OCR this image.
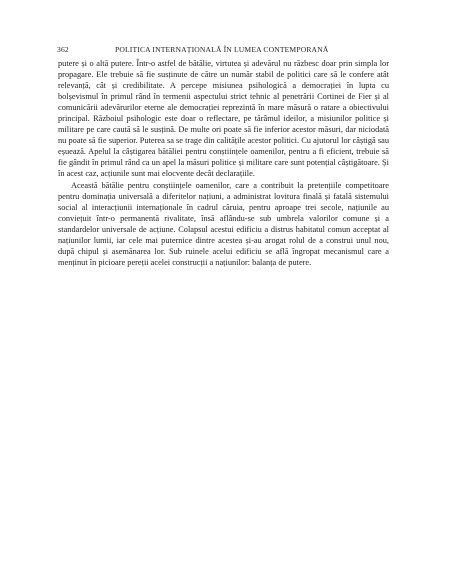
362	POLITICA INTERNAȚIONALĂ ÎN LUMEA CONTEMPORANĂ

putere și o altă putere. Într-o astfel de bătălie, virtutea și adevărul nu răzbesc doar prin simpla lor propagare. Ele trebuie să fie susținute de către un număr stabil de politici care să le confere atât relevanță, cât și credibilitate. A percepe misiunea psihologică a democrației în lupta cu bolșevismul în primul rând în termenii aspectului strict tehnic al penetrării Cortinei de Fier și al comunicării adevărurilor eterne ale democrației reprezintă în mare măsură o ratare a obiectivului principal. Războiul psihologic este doar o reflectare, pe tărâmul ideilor, a misiunilor politice și militare pe care caută să le susțină. De multe ori poate să fie inferior acestor măsuri, dar niciodată nu poate să fie superior. Puterea sa se trage din calitățile acestor politici. Cu ajutorul lor câștigă sau eșuează. Apelul la câștigarea bătăliei pentru conștiințele oamenilor, pentru a fi eficient, trebuie să fie gândit în primul rând ca un apel la măsuri politice și militare care sunt potențial câștigătoare. Și în acest caz, acțiunile sunt mai elocvente decât declarațiile.

Această bătălie pentru conștiințele oamenilor, care a contribuit la pretențiile competitoare pentru dominația universală a diferitelor națiuni, a administrat lovitura finală și fatală sistemului social al interacțiunii internaționale în cadrul căruia, pentru aproape trei secole, națiunile au conviețuit într-o permanentă rivalitate, însă aflându-se sub umbrela valorilor comune și a standardelor universale de acțiune. Colapsul acestui edificiu a distrus habitatul comun acceptat al națiunilor lumii, iar cele mai puternice dintre acestea și-au arogat rolul de a construi unul nou, după chipul și asemănarea lor. Sub ruinele acelui edificiu se află îngropat mecanismul care a menținut în picioare pereții acelei construcții a națiunilor: balanța de putere.
